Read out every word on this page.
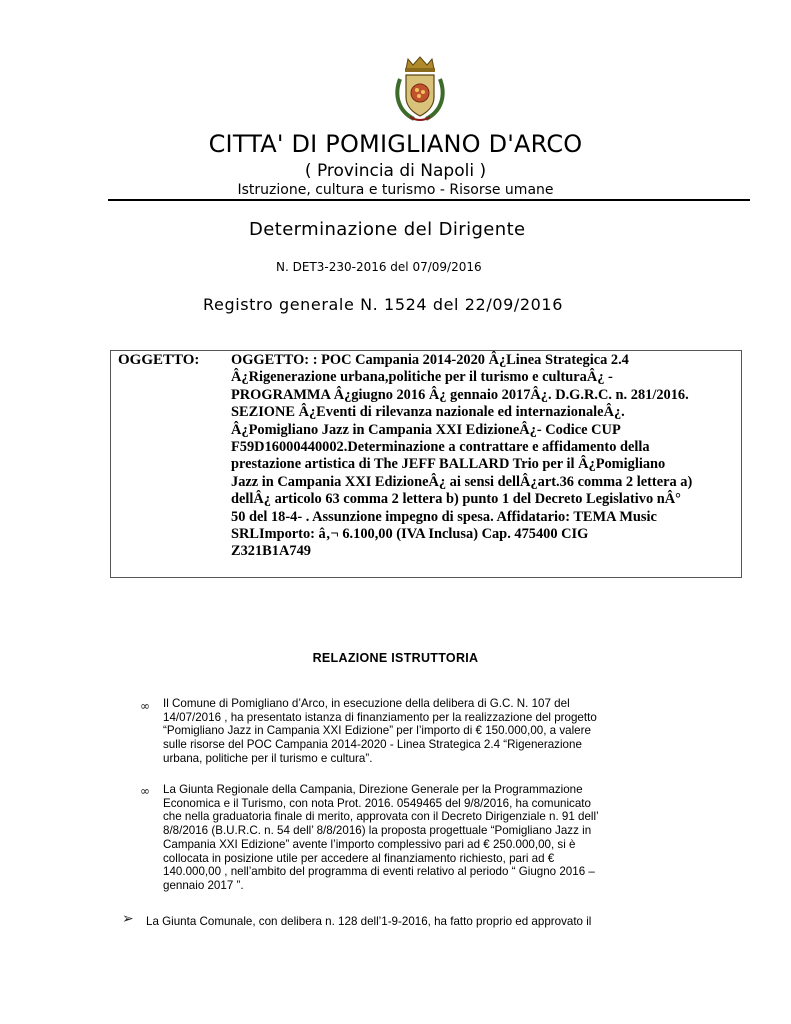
CITTA' DI POMIGLIANO D'ARCO
( Provincia di Napoli )
Istruzione, cultura e turismo - Risorse umane
Determinazione del Dirigente
N. DET3-230-2016 del 07/09/2016
Registro generale N. 1524 del 22/09/2016
OGGETTO: OGGETTO: : POC Campania 2014-2020 Â¿Linea Strategica 2.4
Â¿Rigenerazione urbana,politiche per il turismo e culturaÂ¿ -
PROGRAMMA Â¿giugno 2016 Â¿ gennaio 2017Â¿. D.G.R.C. n. 281/2016.
SEZIONE Â¿Eventi di rilevanza nazionale ed internazionaleÂ¿.
Â¿Pomigliano Jazz in Campania XXI EdizioneÂ¿- Codice CUP
F59D16000440002.Determinazione a contrattare e affidamento della
prestazione artistica di The JEFF BALLARD Trio per il Â¿Pomigliano
Jazz in Campania XXI EdizioneÂ¿ ai sensi dellÂ¿art.36 comma 2 lettera a)
dellÂ¿ articolo 63 comma 2 lettera b) punto 1 del Decreto Legislativo nÂ°
50 del 18-4- . Assunzione impegno di spesa. Affidatario: TEMA Music
SRLImporto: â‚¬ 6.100,00 (IVA Inclusa) Cap. 475400 CIG
Z321B1A749
RELAZIONE ISTRUTTORIA
∞ Il Comune di Pomigliano d’Arco, in esecuzione della delibera di G.C. N. 107 del
14/07/2016 , ha presentato istanza di finanziamento per la realizzazione del progetto
“Pomigliano Jazz in Campania XXI Edizione” per l’importo di € 150.000,00, a valere
sulle risorse del POC Campania 2014-2020 - Linea Strategica 2.4 “Rigenerazione
urbana, politiche per il turismo e cultura”.
∞ La Giunta Regionale della Campania, Direzione Generale per la Programmazione
Economica e il Turismo, con nota Prot. 2016. 0549465 del 9/8/2016, ha comunicato
che nella graduatoria finale di merito, approvata con il Decreto Dirigenziale n. 91 dell’
8/8/2016 (B.U.R.C. n. 54 dell’ 8/8/2016) la proposta progettuale “Pomigliano Jazz in
Campania XXI Edizione” avente l’importo complessivo pari ad € 250.000,00, si è
collocata in posizione utile per accedere al finanziamento richiesto, pari ad €
140.000,00 , nell’ambito del programma di eventi relativo al periodo “ Giugno 2016 –
gennaio 2017 ”.
➢ La Giunta Comunale, con delibera n. 128 dell’1-9-2016, ha fatto proprio ed approvato il
